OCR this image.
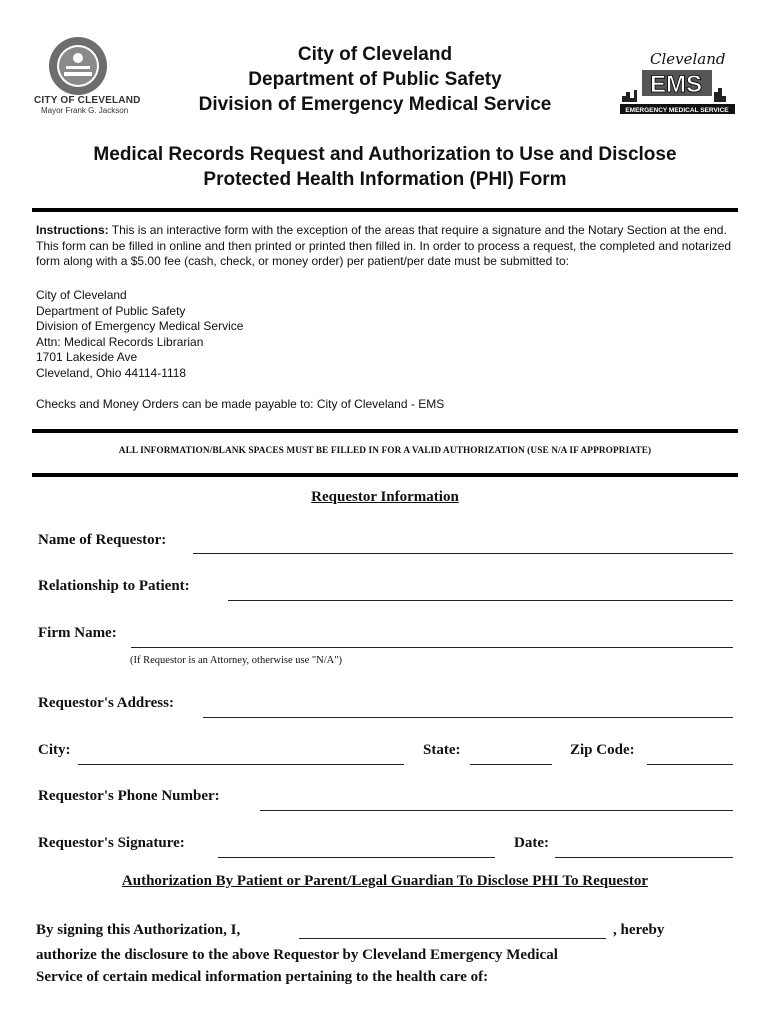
CITY OF CLEVELAND
Mayor Frank G. Jackson
City of Cleveland
Department of Public Safety
Division of Emergency Medical Service
Cleveland
EMS
EMERGENCY MEDICAL SERVICE
Medical Records Request and Authorization to Use and Disclose
Protected Health Information (PHI) Form
Instructions: This is an interactive form with the exception of the areas that require a signature and the Notary Section at the end. This form can be filled in online and then printed or printed then filled in. In order to process a request, the completed and notarized form along with a $5.00 fee (cash, check, or money order) per patient/per date must be submitted to:
City of Cleveland
Department of Public Safety
Division of Emergency Medical Service
Attn: Medical Records Librarian
1701 Lakeside Ave
Cleveland, Ohio 44114-1118
Checks and Money Orders can be made payable to: City of Cleveland - EMS
ALL INFORMATION/BLANK SPACES MUST BE FILLED IN FOR A VALID AUTHORIZATION (USE N/A IF APPROPRIATE)
Requestor Information
Name of Requestor:
Relationship to Patient:
Firm Name:
(If Requestor is an Attorney, otherwise use "N/A")
Requestor's Address:
City:	State:	Zip Code:
Requestor's Phone Number:
Requestor's Signature:	Date:
Authorization By Patient or Parent/Legal Guardian To Disclose PHI To Requestor
By signing this Authorization, I,	, hereby
authorize the disclosure to the above Requestor by Cleveland Emergency Medical
Service of certain medical information pertaining to the health care of:
